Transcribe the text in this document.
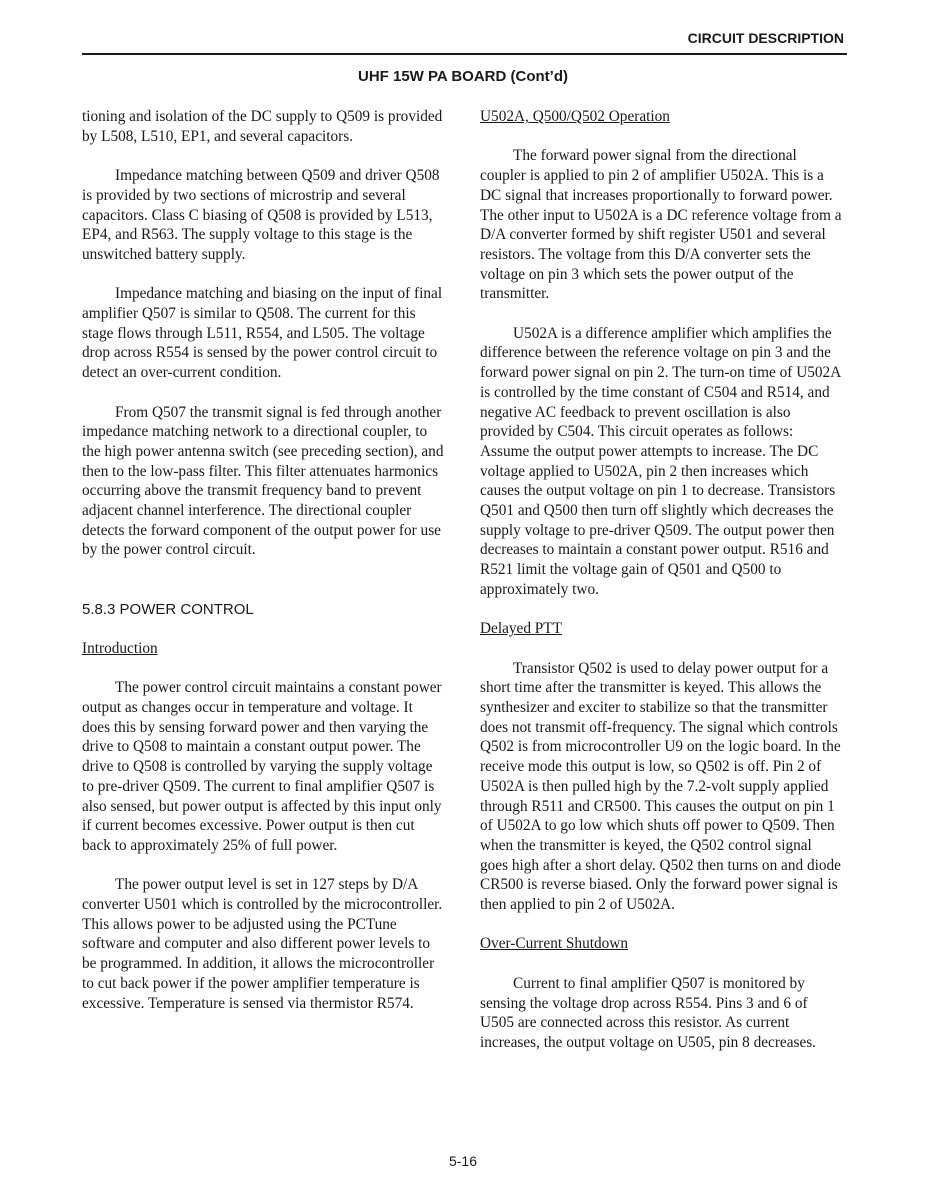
CIRCUIT DESCRIPTION
UHF 15W PA BOARD (Cont’d)

tioning and isolation of the DC supply to Q509 is provided by L508, L510, EP1, and several capacitors.

Impedance matching between Q509 and driver Q508 is provided by two sections of microstrip and several capacitors. Class C biasing of Q508 is provided by L513, EP4, and R563. The supply voltage to this stage is the unswitched battery supply.

Impedance matching and biasing on the input of final amplifier Q507 is similar to Q508. The current for this stage flows through L511, R554, and L505. The voltage drop across R554 is sensed by the power control circuit to detect an over-current condition.

From Q507 the transmit signal is fed through another impedance matching network to a directional coupler, to the high power antenna switch (see preceding section), and then to the low-pass filter. This filter attenuates harmonics occurring above the transmit frequency band to prevent adjacent channel interference. The directional coupler detects the forward component of the output power for use by the power control circuit.

5.8.3 POWER CONTROL
Introduction

The power control circuit maintains a constant power output as changes occur in temperature and voltage. It does this by sensing forward power and then varying the drive to Q508 to maintain a constant output power. The drive to Q508 is controlled by varying the supply voltage to pre-driver Q509. The current to final amplifier Q507 is also sensed, but power output is affected by this input only if current becomes excessive. Power output is then cut back to approximately 25% of full power.

The power output level is set in 127 steps by D/A converter U501 which is controlled by the microcontroller. This allows power to be adjusted using the PCTune software and computer and also different power levels to be programmed. In addition, it allows the microcontroller to cut back power if the power amplifier temperature is excessive. Temperature is sensed via thermistor R574.

U502A, Q500/Q502 Operation

The forward power signal from the directional coupler is applied to pin 2 of amplifier U502A. This is a DC signal that increases proportionally to forward power. The other input to U502A is a DC reference voltage from a D/A converter formed by shift register U501 and several resistors. The voltage from this D/A converter sets the voltage on pin 3 which sets the power output of the transmitter.

U502A is a difference amplifier which amplifies the difference between the reference voltage on pin 3 and the forward power signal on pin 2. The turn-on time of U502A is controlled by the time constant of C504 and R514, and negative AC feedback to prevent oscillation is also provided by C504. This circuit operates as follows: Assume the output power attempts to increase. The DC voltage applied to U502A, pin 2 then increases which causes the output voltage on pin 1 to decrease. Transistors Q501 and Q500 then turn off slightly which decreases the supply voltage to pre-driver Q509. The output power then decreases to maintain a constant power output. R516 and R521 limit the voltage gain of Q501 and Q500 to approximately two.

Delayed PTT

Transistor Q502 is used to delay power output for a short time after the transmitter is keyed. This allows the synthesizer and exciter to stabilize so that the transmitter does not transmit off-frequency. The signal which controls Q502 is from microcontroller U9 on the logic board. In the receive mode this output is low, so Q502 is off. Pin 2 of U502A is then pulled high by the 7.2-volt supply applied through R511 and CR500. This causes the output on pin 1 of U502A to go low which shuts off power to Q509. Then when the transmitter is keyed, the Q502 control signal goes high after a short delay. Q502 then turns on and diode CR500 is reverse biased. Only the forward power signal is then applied to pin 2 of U502A.

Over-Current Shutdown

Current to final amplifier Q507 is monitored by sensing the voltage drop across R554. Pins 3 and 6 of U505 are connected across this resistor. As current increases, the output voltage on U505, pin 8 decreases.

5-16
